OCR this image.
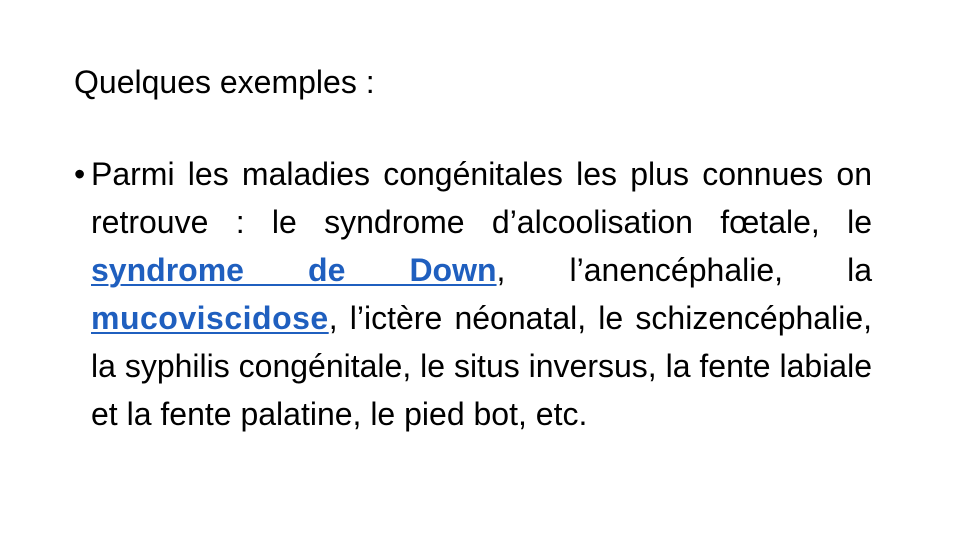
Quelques exemples :
• Parmi les maladies congénitales les plus connues on retrouve : le syndrome d’alcoolisation fœtale, le syndrome de Down, l’anencéphalie, la mucoviscidose, l’ictère néonatal, le schizencéphalie, la syphilis congénitale, le situs inversus, la fente labiale et la fente palatine, le pied bot, etc.
